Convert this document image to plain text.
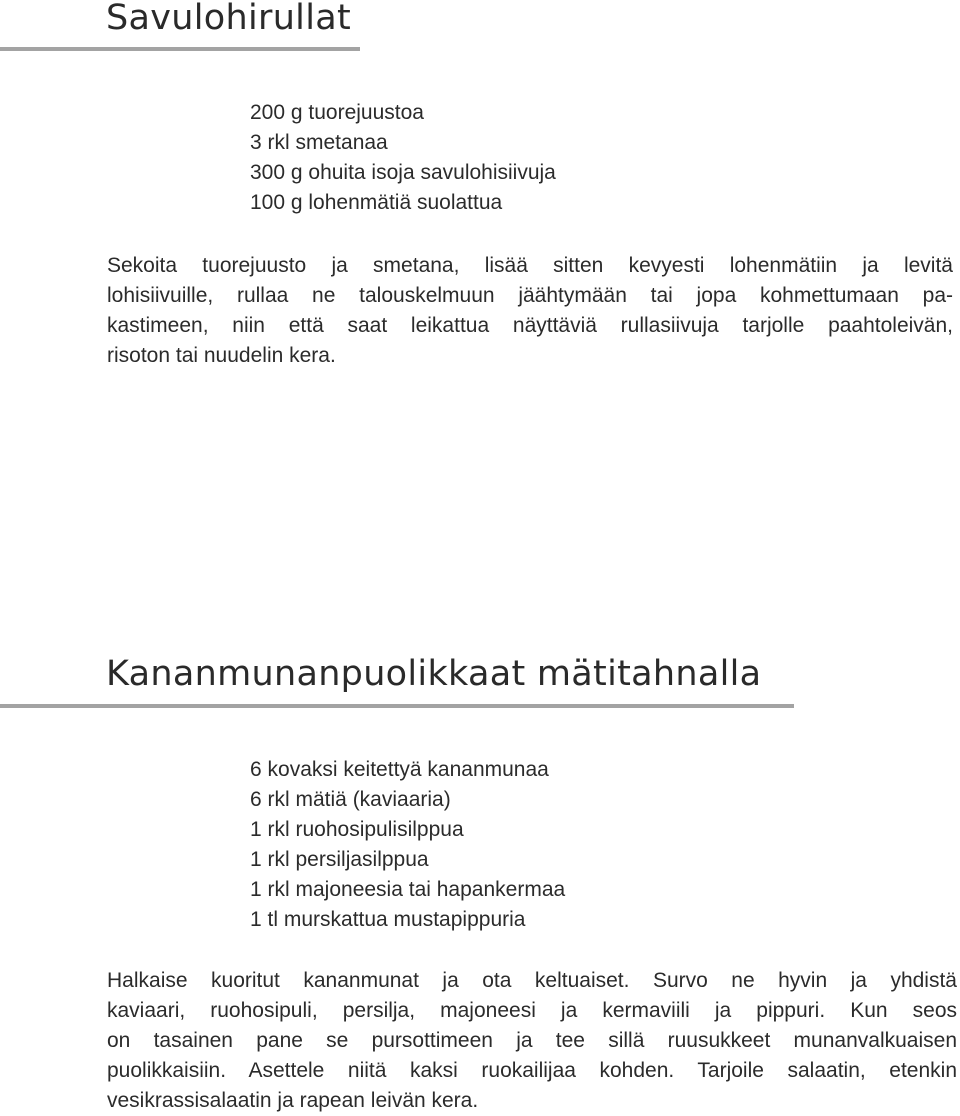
Savulohirullat
200 g tuorejuustoa
3 rkl smetanaa
300 g ohuita isoja savulohisiivuja
100 g lohenmätiä suolattua
Sekoita tuorejuusto ja smetana, lisää sitten kevyesti lohenmätiin ja levitä
lohisiivuille, rullaa ne talouskelmuun jäähtymään tai jopa kohmettumaan pa-
kastimeen, niin että saat leikattua näyttäviä rullasiivuja tarjolle paahtoleivän,
risoton tai nuudelin kera.
Kananmunanpuolikkaat mätitahnalla
6 kovaksi keitettyä kananmunaa
6 rkl mätiä (kaviaaria)
1 rkl ruohosipulisilppua
1 rkl persiljasilppua
1 rkl majoneesia tai hapankermaa
1 tl murskattua mustapippuria
Halkaise kuoritut kananmunat ja ota keltuaiset. Survo ne hyvin ja yhdistä
kaviaari, ruohosipuli, persilja, majoneesi ja kermaviili ja pippuri. Kun seos
on tasainen pane se pursottimeen ja tee sillä ruusukkeet munanvalkuaisen
puolikkaisiin. Asettele niitä kaksi ruokailijaa kohden. Tarjoile salaatin, etenkin
vesikrassisalaatin ja rapean leivän kera.
